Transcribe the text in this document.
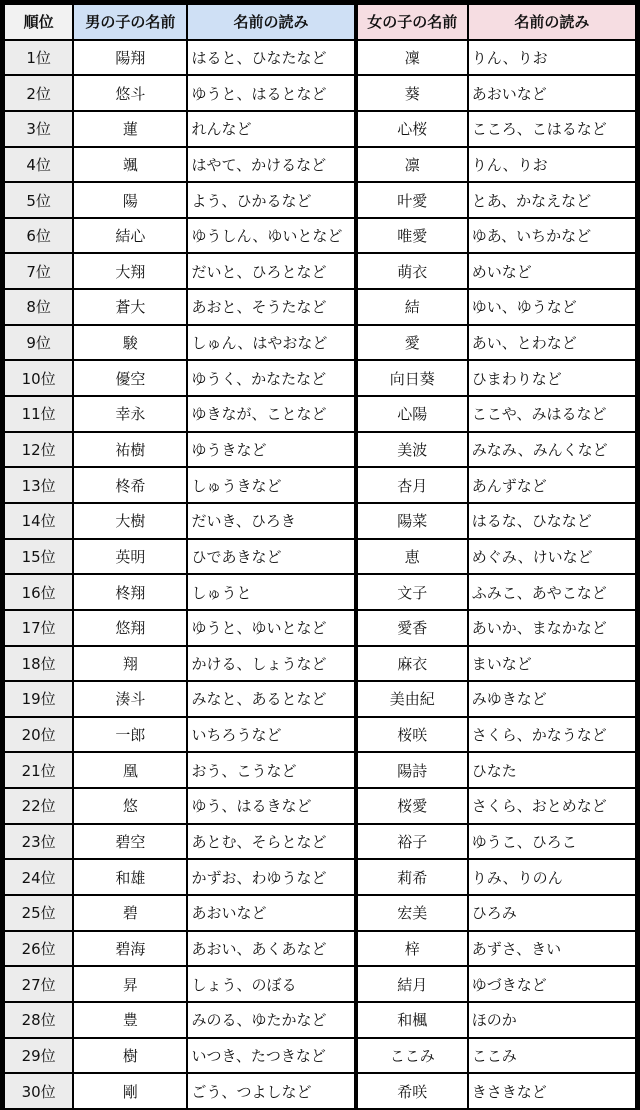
順位	男の子の名前	名前の読み		女の子の名前	名前の読み
1位	陽翔	はると、ひなたなど		凜	りん、りお
2位	悠斗	ゆうと、はるとなど		葵	あおいなど
3位	蓮	れんなど		心桜	こころ、こはるなど
4位	颯	はやて、かけるなど		凛	りん、りお
5位	陽	よう、ひかるなど		叶愛	とあ、かなえなど
6位	結心	ゆうしん、ゆいとなど		唯愛	ゆあ、いちかなど
7位	大翔	だいと、ひろとなど		萌衣	めいなど
8位	蒼大	あおと、そうたなど		結	ゆい、ゆうなど
9位	駿	しゅん、はやおなど		愛	あい、とわなど
10位	優空	ゆうく、かなたなど		向日葵	ひまわりなど
11位	幸永	ゆきなが、ことなど		心陽	ここや、みはるなど
12位	祐樹	ゆうきなど		美波	みなみ、みんくなど
13位	柊希	しゅうきなど		杏月	あんずなど
14位	大樹	だいき、ひろき		陽菜	はるな、ひななど
15位	英明	ひであきなど		恵	めぐみ、けいなど
16位	柊翔	しゅうと		文子	ふみこ、あやこなど
17位	悠翔	ゆうと、ゆいとなど		愛香	あいか、まなかなど
18位	翔	かける、しょうなど		麻衣	まいなど
19位	湊斗	みなと、あるとなど		美由紀	みゆきなど
20位	一郎	いちろうなど		桜咲	さくら、かなうなど
21位	凰	おう、こうなど		陽詩	ひなた
22位	悠	ゆう、はるきなど		桜愛	さくら、おとめなど
23位	碧空	あとむ、そらとなど		裕子	ゆうこ、ひろこ
24位	和雄	かずお、わゆうなど		莉希	りみ、りのん
25位	碧	あおいなど		宏美	ひろみ
26位	碧海	あおい、あくあなど		梓	あずさ、きい
27位	昇	しょう、のぼる		結月	ゆづきなど
28位	豊	みのる、ゆたかなど		和楓	ほのか
29位	樹	いつき、たつきなど		ここみ	ここみ
30位	剛	ごう、つよしなど		希咲	きさきなど
